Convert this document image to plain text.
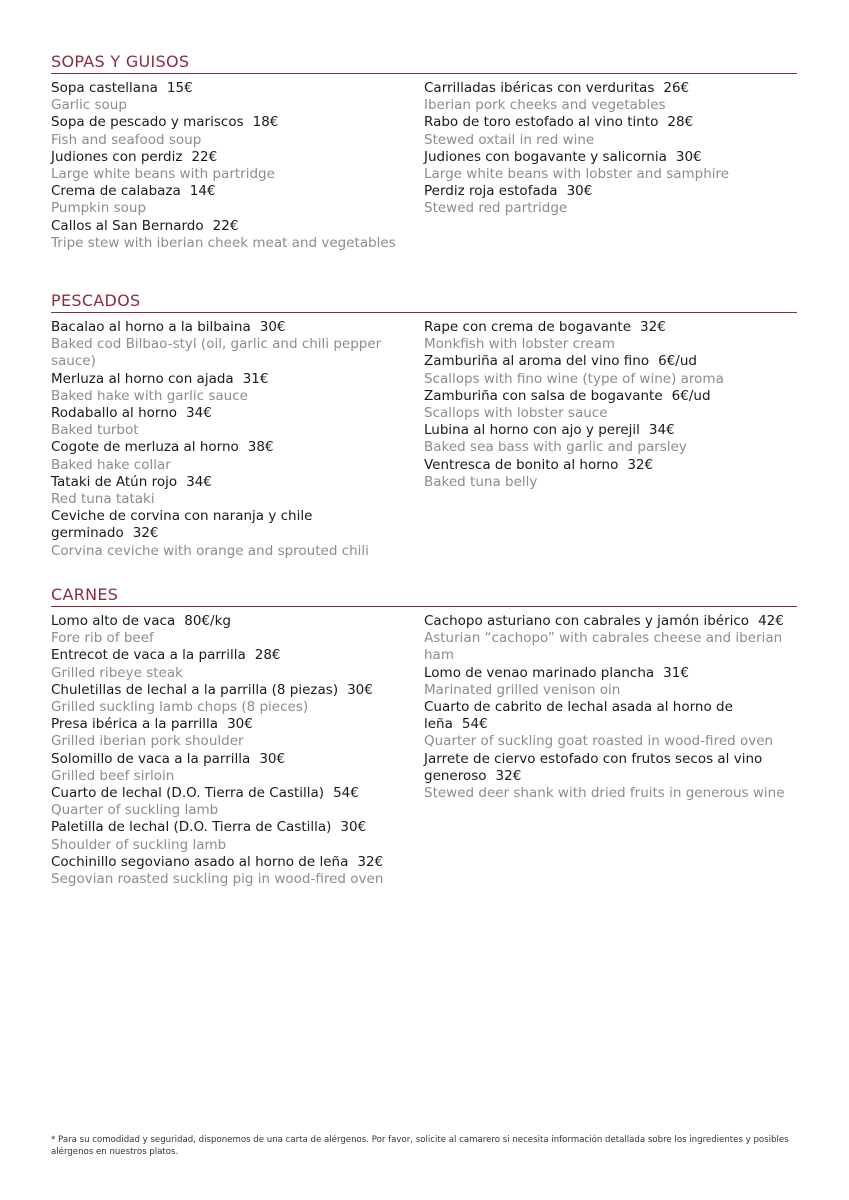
SOPAS Y GUISOS
Sopa castellana 15€
Garlic soup
Sopa de pescado y mariscos 18€
Fish and seafood soup
Judiones con perdiz 22€
Large white beans with partridge
Crema de calabaza 14€
Pumpkin soup
Callos al San Bernardo 22€
Tripe stew with iberian cheek meat and vegetables
Carrilladas ibéricas con verduritas 26€
Iberian pork cheeks and vegetables
Rabo de toro estofado al vino tinto 28€
Stewed oxtail in red wine
Judiones con bogavante y salicornia 30€
Large white beans with lobster and samphire
Perdiz roja estofada 30€
Stewed red partridge
PESCADOS
Bacalao al horno a la bilbaina 30€
Baked cod Bilbao-styl (oil, garlic and chili pepper sauce)
Merluza al horno con ajada 31€
Baked hake with garlic sauce
Rodaballo al horno 34€
Baked turbot
Cogote de merluza al horno 38€
Baked hake collar
Tataki de Atún rojo 34€
Red tuna tataki
Ceviche de corvina con naranja y chile germinado 32€
Corvina ceviche with orange and sprouted chili
Rape con crema de bogavante 32€
Monkfish with lobster cream
Zamburiña al aroma del vino fino 6€/ud
Scallops with fino wine (type of wine) aroma
Zamburiña con salsa de bogavante 6€/ud
Scallops with lobster sauce
Lubina al horno con ajo y perejil 34€
Baked sea bass with garlic and parsley
Ventresca de bonito al horno 32€
Baked tuna belly
CARNES
Lomo alto de vaca 80€/kg
Fore rib of beef
Entrecot de vaca a la parrilla 28€
Grilled ribeye steak
Chuletillas de lechal a la parrilla (8 piezas) 30€
Grilled suckling lamb chops (8 pieces)
Presa ibérica a la parrilla 30€
Grilled iberian pork shoulder
Solomillo de vaca a la parrilla 30€
Grilled beef sirloin
Cuarto de lechal (D.O. Tierra de Castilla) 54€
Quarter of suckling lamb
Paletilla de lechal (D.O. Tierra de Castilla) 30€
Shoulder of suckling lamb
Cochinillo segoviano asado al horno de leña 32€
Segovian roasted suckling pig in wood-fired oven
Cachopo asturiano con cabrales y jamón ibérico 42€
Asturian “cachopo” with cabrales cheese and iberian ham
Lomo de venao marinado plancha 31€
Marinated grilled venison oin
Cuarto de cabrito de lechal asada al horno de leña 54€
Quarter of suckling goat roasted in wood-fired oven
Jarrete de ciervo estofado con frutos secos al vino generoso 32€
Stewed deer shank with dried fruits in generous wine
* Para su comodidad y seguridad, disponemos de una carta de alérgenos. Por favor, solicite al camarero si necesita información detallada sobre los ingredientes y posibles alérgenos en nuestros platos.
